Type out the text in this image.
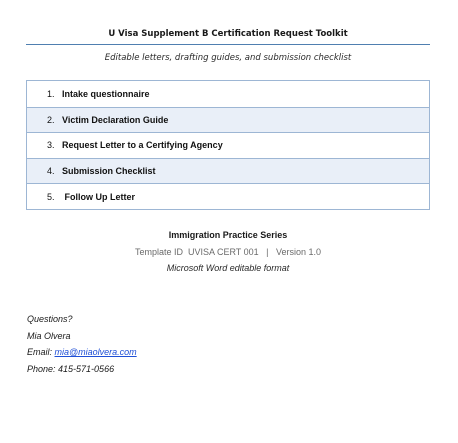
U Visa Supplement B Certification Request Toolkit
Editable letters, drafting guides, and submission checklist
1. Intake questionnaire
2. Victim Declaration Guide
3. Request Letter to a Certifying Agency
4. Submission Checklist
5. Follow Up Letter
Immigration Practice Series
Template ID  UVISA CERT 001   |   Version 1.0
Microsoft Word editable format
Questions?
Mia Olvera
Email: mia@miaolvera.com
Phone: 415-571-0566
